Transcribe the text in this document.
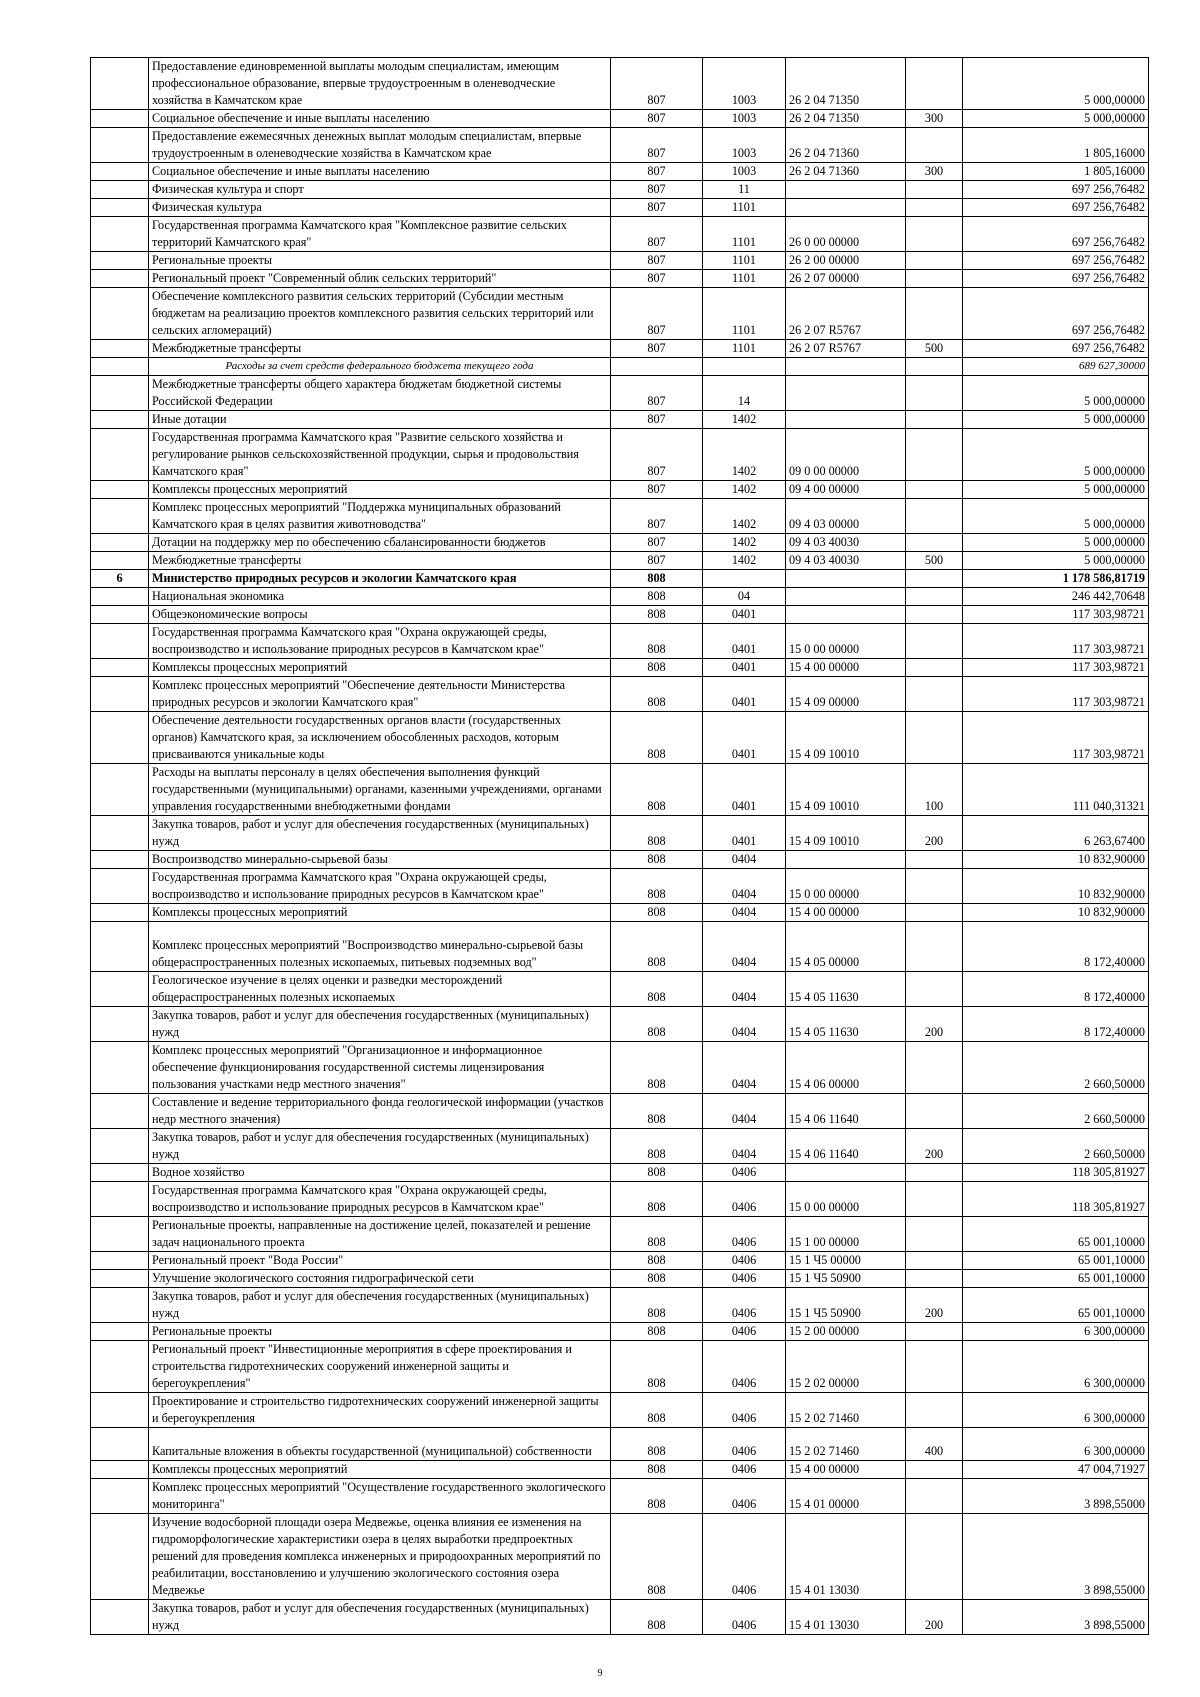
	Предоставление единовременной выплаты молодым специалистам, имеющим профессиональное образование, впервые трудоустроенным в оленеводческие хозяйства в Камчатском крае	807	1003	26 2 04 71350		5 000,00000
	Социальное обеспечение и иные выплаты населению	807	1003	26 2 04 71350	300	5 000,00000
	Предоставление ежемесячных денежных выплат молодым специалистам, впервые трудоустроенным в оленеводческие хозяйства в Камчатском крае	807	1003	26 2 04 71360		1 805,16000
	Социальное обеспечение и иные выплаты населению	807	1003	26 2 04 71360	300	1 805,16000
	Физическая культура и спорт	807	11			697 256,76482
	Физическая культура	807	1101			697 256,76482
	Государственная программа Камчатского края "Комплексное развитие сельских территорий Камчатского края"	807	1101	26 0 00 00000		697 256,76482
	Региональные проекты	807	1101	26 2 00 00000		697 256,76482
	Региональный проект "Современный облик сельских территорий"	807	1101	26 2 07 00000		697 256,76482
	Обеспечение комплексного развития сельских территорий (Субсидии местным бюджетам на реализацию проектов комплексного развития сельских территорий или сельских агломераций)	807	1101	26 2 07 R5767		697 256,76482
	Межбюджетные трансферты	807	1101	26 2 07 R5767	500	697 256,76482
	Расходы за счет средств федерального бюджета текущего года					689 627,30000
	Межбюджетные трансферты общего характера бюджетам бюджетной системы Российской Федерации	807	14			5 000,00000
	Иные дотации	807	1402			5 000,00000
	Государственная программа Камчатского края "Развитие сельского хозяйства и регулирование рынков сельскохозяйственной продукции, сырья и продовольствия Камчатского края"	807	1402	09 0 00 00000		5 000,00000
	Комплексы процессных мероприятий	807	1402	09 4 00 00000		5 000,00000
	Комплекс процессных мероприятий "Поддержка муниципальных образований Камчатского края в целях развития животноводства"	807	1402	09 4 03 00000		5 000,00000
	Дотации на поддержку мер по обеспечению сбалансированности бюджетов	807	1402	09 4 03 40030		5 000,00000
	Межбюджетные трансферты	807	1402	09 4 03 40030	500	5 000,00000
6	Министерство природных ресурсов и экологии Камчатского края	808				1 178 586,81719
	Национальная экономика	808	04			246 442,70648
	Общеэкономические вопросы	808	0401			117 303,98721
	Государственная программа Камчатского края "Охрана окружающей среды, воспроизводство и использование природных ресурсов в Камчатском крае"	808	0401	15 0 00 00000		117 303,98721
	Комплексы процессных мероприятий	808	0401	15 4 00 00000		117 303,98721
	Комплекс процессных мероприятий "Обеспечение деятельности Министерства природных ресурсов и экологии Камчатского края"	808	0401	15 4 09 00000		117 303,98721
	Обеспечение деятельности государственных органов власти (государственных органов) Камчатского края, за исключением обособленных расходов, которым присваиваются уникальные коды	808	0401	15 4 09 10010		117 303,98721
	Расходы на выплаты персоналу в целях обеспечения выполнения функций государственными (муниципальными) органами, казенными учреждениями, органами управления государственными внебюджетными фондами	808	0401	15 4 09 10010	100	111 040,31321
	Закупка товаров, работ и услуг для обеспечения государственных (муниципальных) нужд	808	0401	15 4 09 10010	200	6 263,67400
	Воспроизводство минерально-сырьевой базы	808	0404			10 832,90000
	Государственная программа Камчатского края "Охрана окружающей среды, воспроизводство и использование природных ресурсов в Камчатском крае"	808	0404	15 0 00 00000		10 832,90000
	Комплексы процессных мероприятий	808	0404	15 4 00 00000		10 832,90000
	Комплекс процессных мероприятий "Воспроизводство минерально-сырьевой базы общераспространенных полезных ископаемых, питьевых подземных вод"	808	0404	15 4 05 00000		8 172,40000
	Геологическое изучение в целях оценки и разведки месторождений общераспространенных полезных ископаемых	808	0404	15 4 05 11630		8 172,40000
	Закупка товаров, работ и услуг для обеспечения государственных (муниципальных) нужд	808	0404	15 4 05 11630	200	8 172,40000
	Комплекс процессных мероприятий "Организационное и информационное обеспечение функционирования государственной системы лицензирования пользования участками недр местного значения"	808	0404	15 4 06 00000		2 660,50000
	Составление и ведение территориального фонда геологической информации (участков недр местного значения)	808	0404	15 4 06 11640		2 660,50000
	Закупка товаров, работ и услуг для обеспечения государственных (муниципальных) нужд	808	0404	15 4 06 11640	200	2 660,50000
	Водное хозяйство	808	0406			118 305,81927
	Государственная программа Камчатского края "Охрана окружающей среды, воспроизводство и использование природных ресурсов в Камчатском крае"	808	0406	15 0 00 00000		118 305,81927
	Региональные проекты, направленные на достижение целей, показателей и решение задач национального проекта	808	0406	15 1 00 00000		65 001,10000
	Региональный проект "Вода России"	808	0406	15 1 Ч5 00000		65 001,10000
	Улучшение экологического состояния гидрографической сети	808	0406	15 1 Ч5 50900		65 001,10000
	Закупка товаров, работ и услуг для обеспечения государственных (муниципальных) нужд	808	0406	15 1 Ч5 50900	200	65 001,10000
	Региональные проекты	808	0406	15 2 00 00000		6 300,00000
	Региональный проект "Инвестиционные мероприятия в сфере проектирования и строительства гидротехнических сооружений инженерной защиты и берегоукрепления"	808	0406	15 2 02 00000		6 300,00000
	Проектирование и строительство гидротехнических сооружений инженерной защиты и берегоукрепления	808	0406	15 2 02 71460		6 300,00000
	Капитальные вложения в объекты государственной (муниципальной) собственности	808	0406	15 2 02 71460	400	6 300,00000
	Комплексы процессных мероприятий	808	0406	15 4 00 00000		47 004,71927
	Комплекс процессных мероприятий "Осуществление государственного экологического мониторинга"	808	0406	15 4 01 00000		3 898,55000
	Изучение водосборной площади озера Медвежье, оценка влияния ее изменения на гидроморфологические характеристики озера в целях выработки предпроектных решений для проведения комплекса инженерных и природоохранных мероприятий по реабилитации, восстановлению и улучшению экологического состояния озера Медвежье	808	0406	15 4 01 13030		3 898,55000
	Закупка товаров, работ и услуг для обеспечения государственных (муниципальных) нужд	808	0406	15 4 01 13030	200	3 898,55000
9
